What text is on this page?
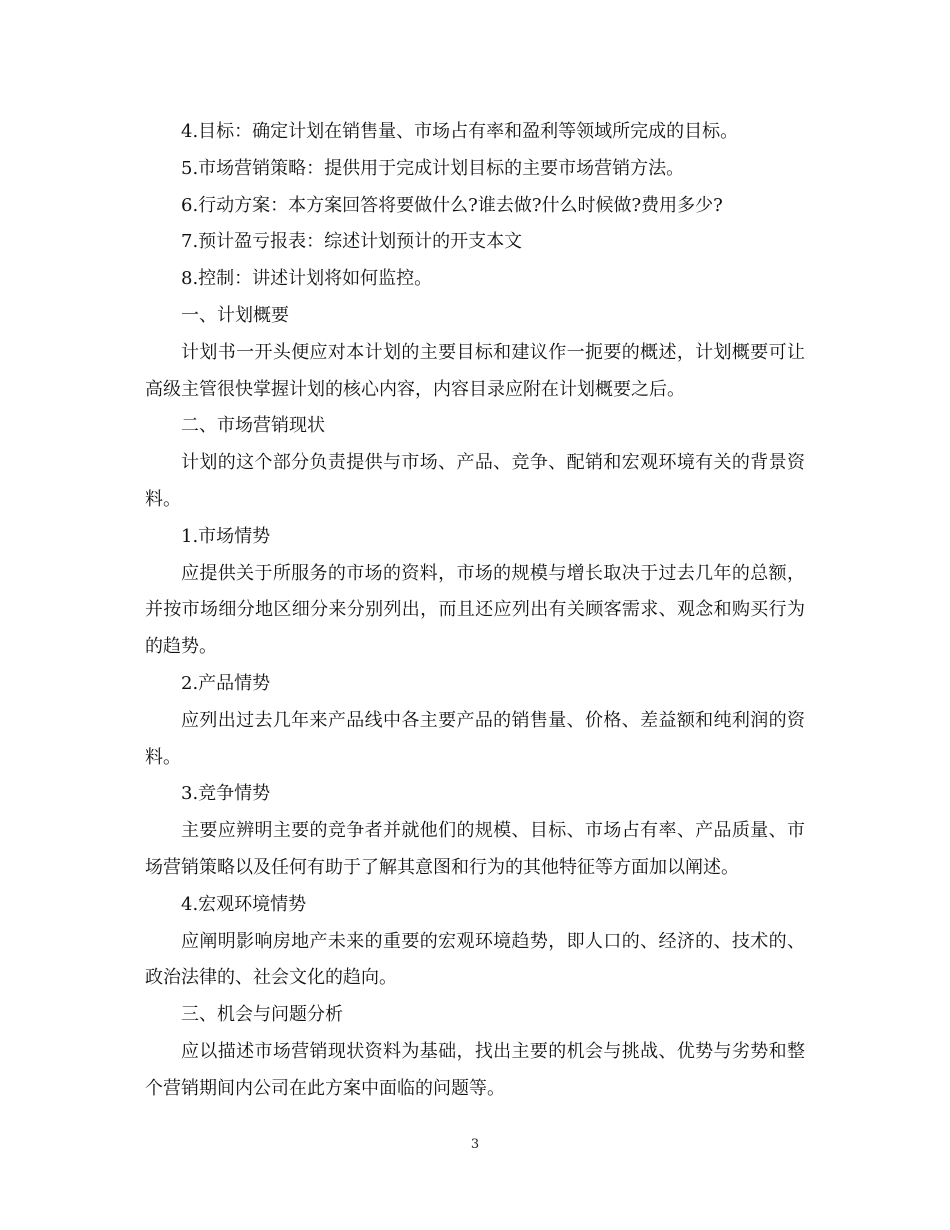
4.目标：确定计划在销售量、市场占有率和盈利等领域所完成的目标。

5.市场营销策略：提供用于完成计划目标的主要市场营销方法。

6.行动方案：本方案回答将要做什么?谁去做?什么时候做?费用多少?

7.预计盈亏报表：综述计划预计的开支本文

8.控制：讲述计划将如何监控。

一、计划概要

计划书一开头便应对本计划的主要目标和建议作一扼要的概述，计划概要可让高级主管很快掌握计划的核心内容，内容目录应附在计划概要之后。

二、市场营销现状

计划的这个部分负责提供与市场、产品、竞争、配销和宏观环境有关的背景资料。

1.市场情势

应提供关于所服务的市场的资料，市场的规模与增长取决于过去几年的总额，并按市场细分地区细分来分别列出，而且还应列出有关顾客需求、观念和购买行为的趋势。

2.产品情势

应列出过去几年来产品线中各主要产品的销售量、价格、差益额和纯利润的资料。

3.竞争情势

主要应辨明主要的竞争者并就他们的规模、目标、市场占有率、产品质量、市场营销策略以及任何有助于了解其意图和行为的其他特征等方面加以阐述。

4.宏观环境情势

应阐明影响房地产未来的重要的宏观环境趋势，即人口的、经济的、技术的、政治法律的、社会文化的趋向。

三、机会与问题分析

应以描述市场营销现状资料为基础，找出主要的机会与挑战、优势与劣势和整个营销期间内公司在此方案中面临的问题等。

3
